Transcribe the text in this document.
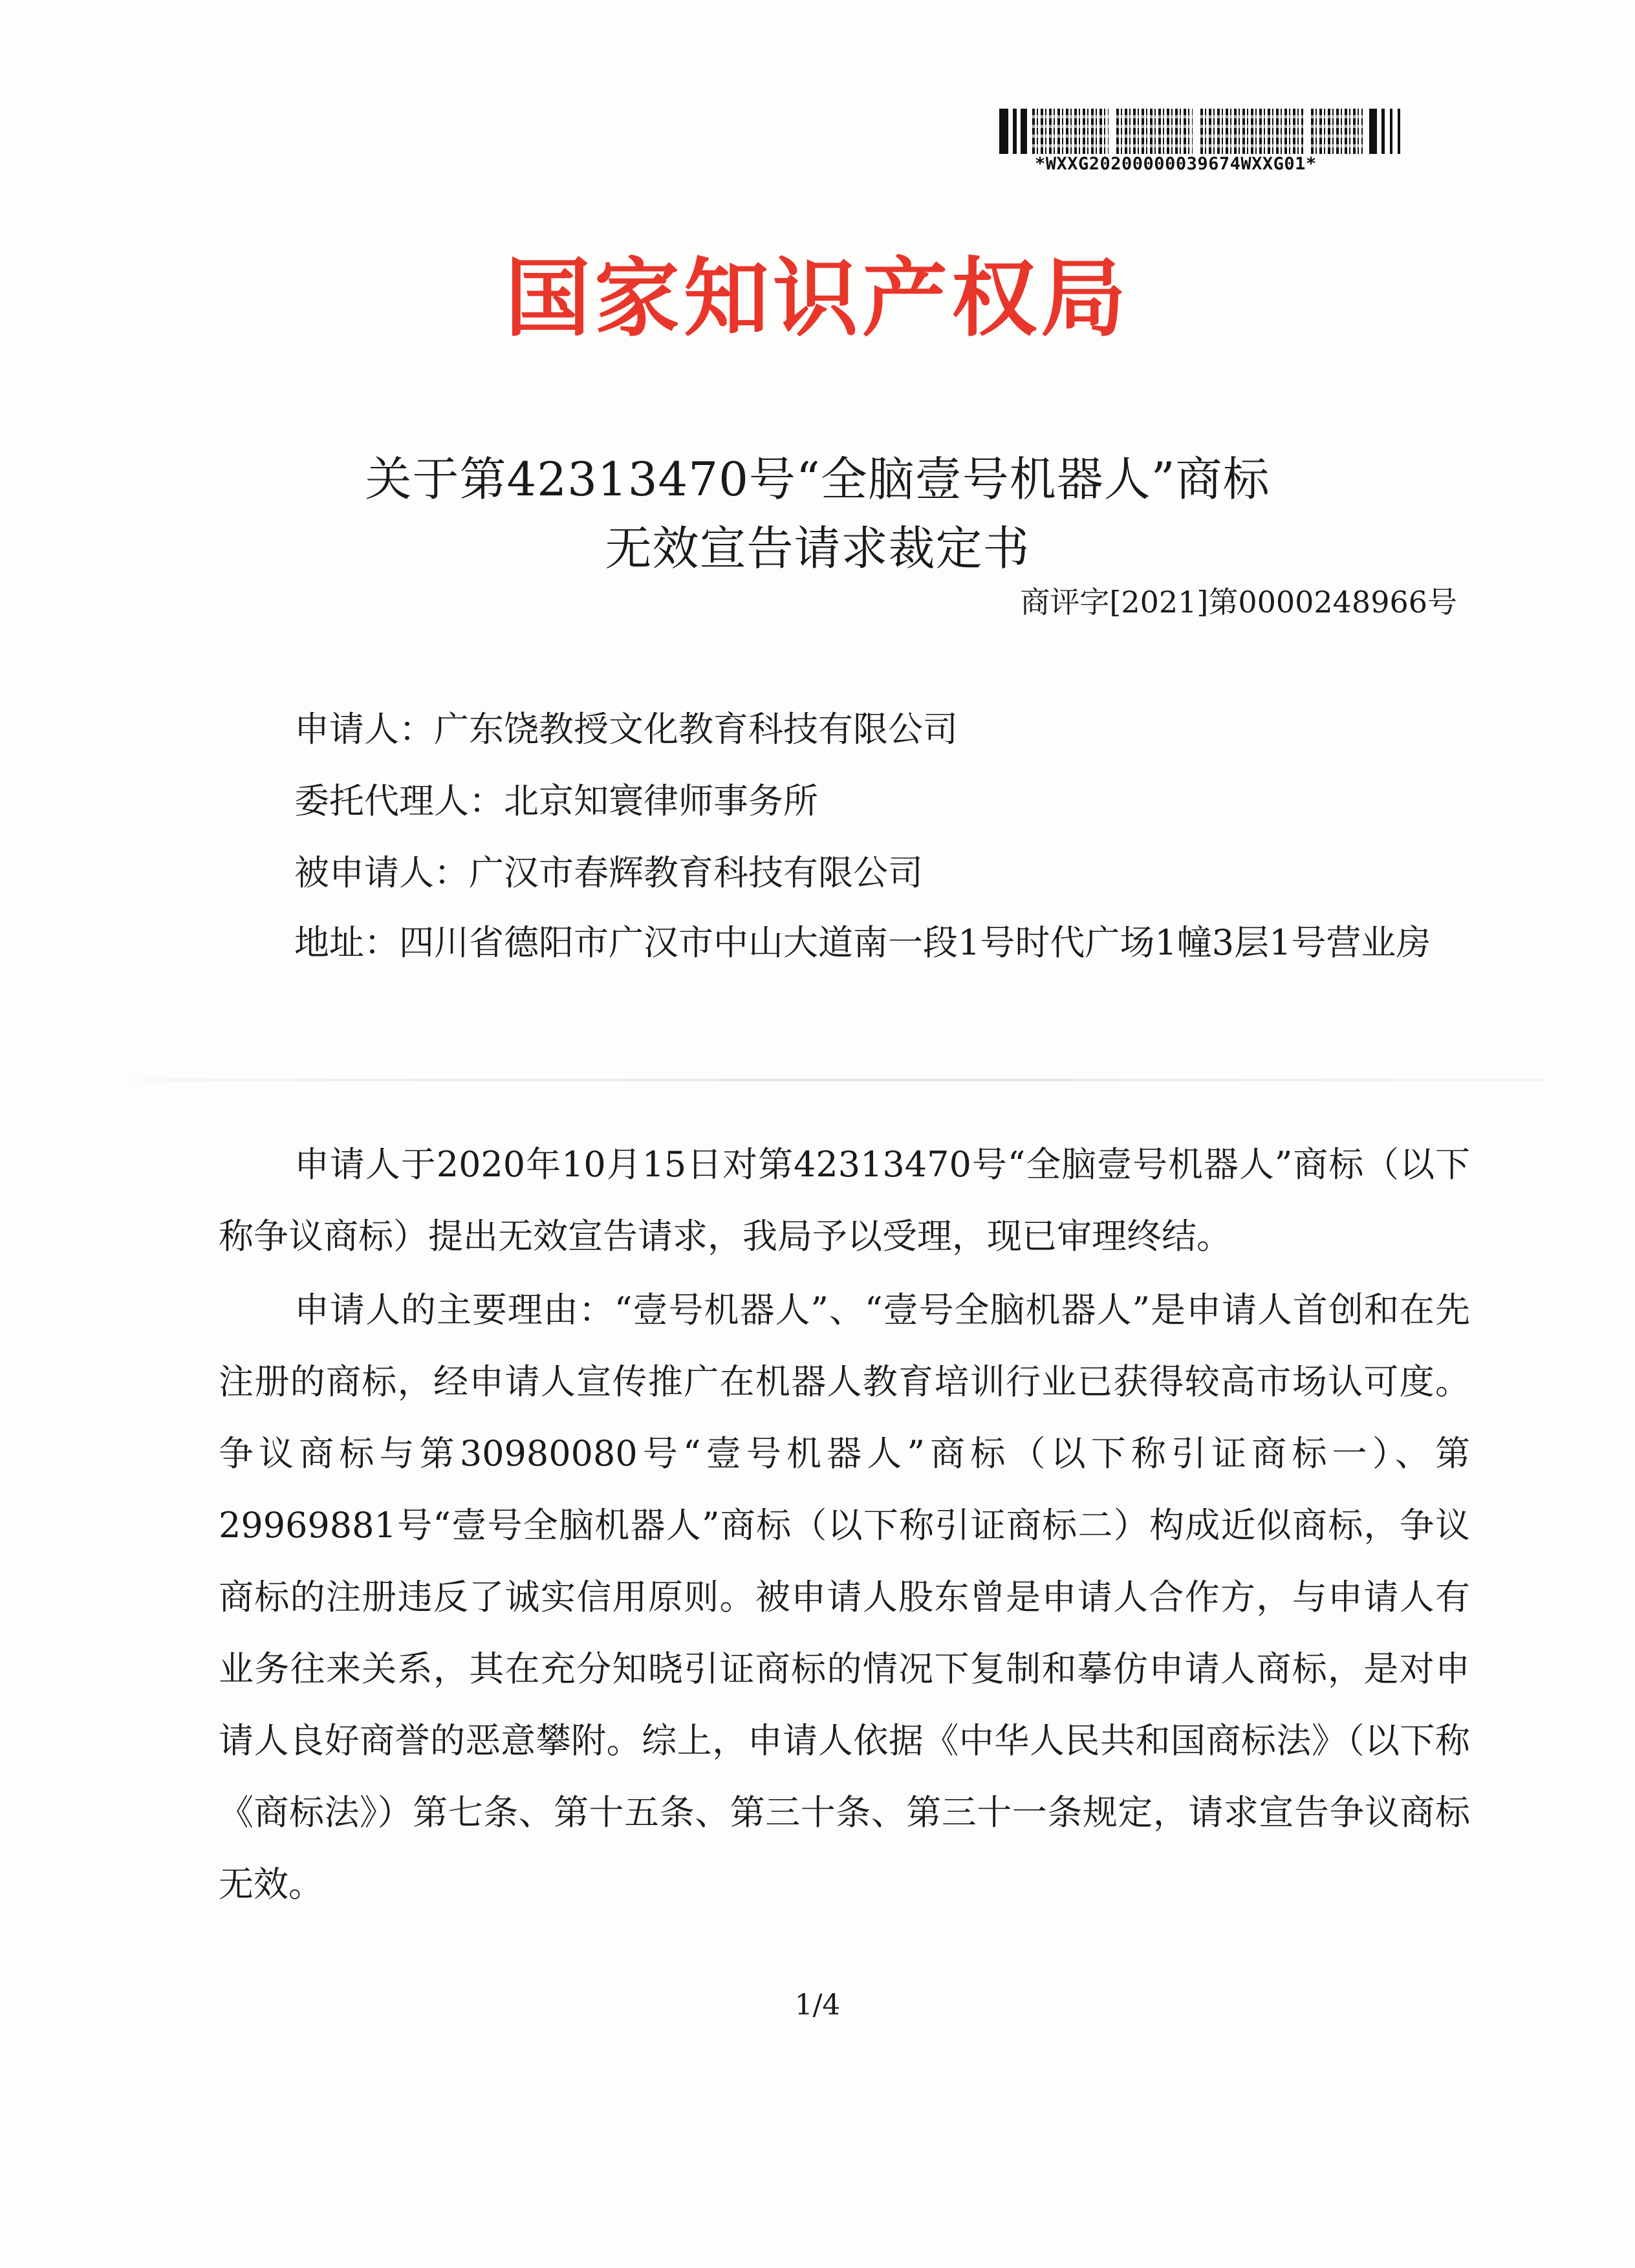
*WXXG20200000039674WXXG01*
国家知识产权局
关于第42313470号“全脑壹号机器人”商标
无效宣告请求裁定书
商评字[2021]第0000248966号
申请人：广东饶教授文化教育科技有限公司
委托代理人：北京知寰律师事务所
被申请人：广汉市春辉教育科技有限公司
地址：四川省德阳市广汉市中山大道南一段1号时代广场1幢3层1号营业房
申请人于2020年10月15日对第42313470号“全脑壹号机器人”商标（以下称争议商标）提出无效宣告请求，我局予以受理，现已审理终结。
申请人的主要理由：“壹号机器人”、“壹号全脑机器人”是申请人首创和在先注册的商标，经申请人宣传推广在机器人教育培训行业已获得较高市场认可度。争议商标与第30980080号“壹号机器人”商标（以下称引证商标一）、第29969881号“壹号全脑机器人”商标（以下称引证商标二）构成近似商标，争议商标的注册违反了诚实信用原则。被申请人股东曾是申请人合作方，与申请人有业务往来关系，其在充分知晓引证商标的情况下复制和摹仿申请人商标，是对申请人良好商誉的恶意攀附。综上，申请人依据《中华人民共和国商标法》（以下称《商标法》）第七条、第十五条、第三十条、第三十一条规定，请求宣告争议商标无效。
1/4
